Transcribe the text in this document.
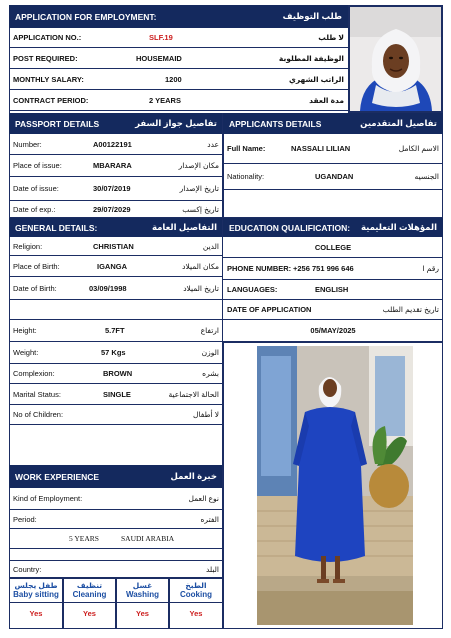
APPLICATION FOR EMPLOYMENT:	طلب التوظيف
APPLICATION NO.:	SLF.19	لا طلب
POST REQUIRED:	HOUSEMAID	الوظيفة المطلوبة
MONTHLY SALARY:	1200	الراتب الشهري
CONTRACT PERIOD:	2 YEARS	مدة العقد
PASSPORT DETAILS	تفاصيل جواز السفر
Number:	A00122191	عدد
Place of issue:	MBARARA	مكان الإصدار
Date of issue:	30/07/2019	تاريخ الإصدار
Date of exp.:	29/07/2029	تاريخ إكسب
APPLICANTS DETAILS	تفاصيل المتقدمين
Full Name:	NASSALI LILIAN	الاسم الكامل
Nationality:	UGANDAN	الجنسيه
GENERAL DETAILS:	التفاصيل العامة
Religion:	CHRISTIAN	الدين
Place of Birth:	IGANGA	مكان الميلاد
Date of Birth:	03/09/1998	تاريخ الميلاد
Height:	5.7FT	ارتفاع
Weight:	57 Kgs	الوزن
Complexion:	BROWN	بشره
Marital Status:	SINGLE	الحالة الاجتماعية
No of Children:	لا أطفال
EDUCATION QUALIFICATION: المؤهلات التعليمية
COLLEGE
PHONE NUMBER: +256 751 996 646	رقم ا
LANGUAGES:	ENGLISH
DATE OF APPLICATION	تاريخ تقديم الطلب
05/MAY/2025
WORK EXPERIENCE	خبرة العمل
Kind of Employment:	نوع العمل
Period:	الفتره
5 YEARS	SAUDI ARABIA
Country:	البلد
طفل يجلس
Baby sitting
Yes
تنظيف
Cleaning
Yes
غسل
Washing
Yes
الطبخ
Cooking
Yes
